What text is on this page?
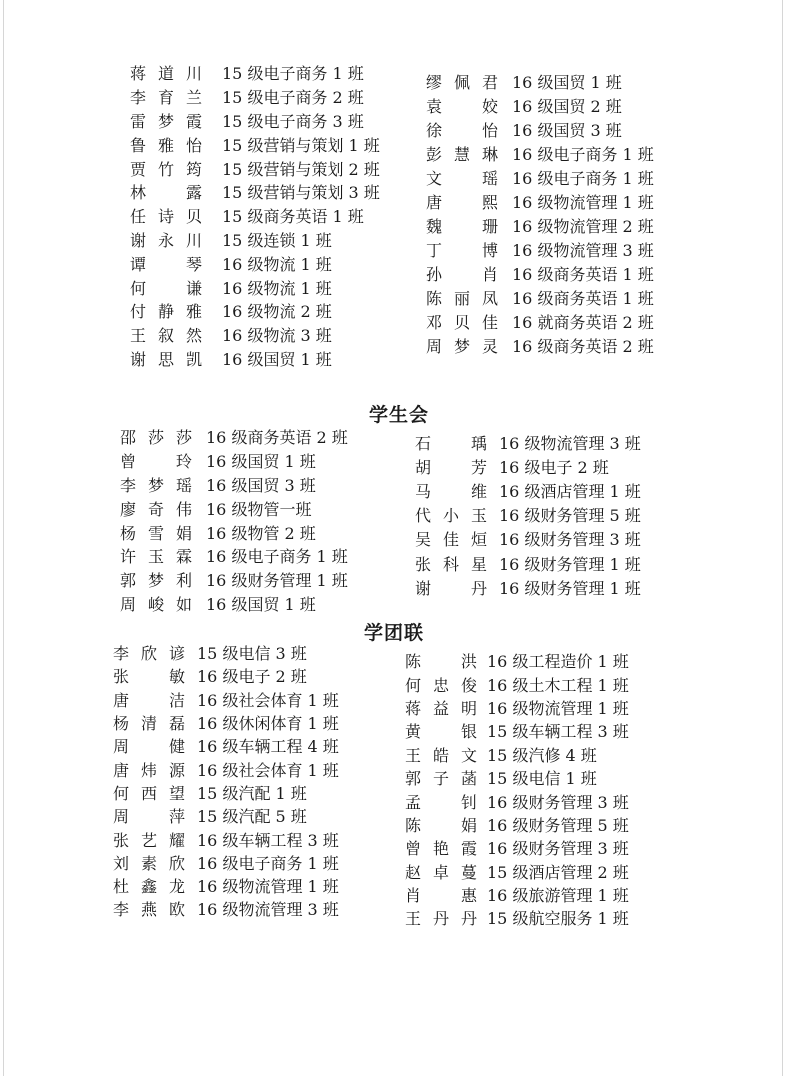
蒋道川 15 级电子商务 1 班
李育兰 15 级电子商务 2 班
雷梦霞 15 级电子商务 3 班
鲁雅怡 15 级营销与策划 1 班
贾竹筠 15 级营销与策划 2 班
林 露 15 级营销与策划 3 班
任诗贝 15 级商务英语 1 班
谢永川 15 级连锁 1 班
谭 琴 16 级物流 1 班
何 谦 16 级物流 1 班
付静雅 16 级物流 2 班
王叙然 16 级物流 3 班
谢思凯 16 级国贸 1 班
缪佩君 16 级国贸 1 班
袁 姣 16 级国贸 2 班
徐 怡 16 级国贸 3 班
彭慧琳 16 级电子商务 1 班
文 瑶 16 级电子商务 1 班
唐 熙 16 级物流管理 1 班
魏 珊 16 级物流管理 2 班
丁 博 16 级物流管理 3 班
孙 肖 16 级商务英语 1 班
陈丽凤 16 级商务英语 1 班
邓贝佳 16 就商务英语 2 班
周梦灵 16 级商务英语 2 班
学生会
邵莎莎 16 级商务英语 2 班
曾 玲 16 级国贸 1 班
李梦瑶 16 级国贸 3 班
廖奇伟 16 级物管一班
杨雪娟 16 级物管 2 班
许玉霖 16 级电子商务 1 班
郭梦利 16 级财务管理 1 班
周峻如 16 级国贸 1 班
石 瑀 16 级物流管理 3 班
胡 芳 16 级电子 2 班
马 维 16 级酒店管理 1 班
代小玉 16 级财务管理 5 班
吴佳烜 16 级财务管理 3 班
张科星 16 级财务管理 1 班
谢 丹 16 级财务管理 1 班
学团联
李欣谚 15 级电信 3 班
张 敏 16 级电子 2 班
唐 洁 16 级社会体育 1 班
杨清磊 16 级休闲体育 1 班
周 健 16 级车辆工程 4 班
唐炜源 16 级社会体育 1 班
何西望 15 级汽配 1 班
周 萍 15 级汽配 5 班
张艺耀 16 级车辆工程 3 班
刘素欣 16 级电子商务 1 班
杜鑫龙 16 级物流管理 1 班
李燕欧 16 级物流管理 3 班
陈 洪 16 级工程造价 1 班
何忠俊 16 级土木工程 1 班
蒋益明 16 级物流管理 1 班
黄 银 15 级车辆工程 3 班
王皓文 15 级汽修 4 班
郭子菡 15 级电信 1 班
孟 钊 16 级财务管理 3 班
陈 娟 16 级财务管理 5 班
曾艳霞 16 级财务管理 3 班
赵卓蔓 15 级酒店管理 2 班
肖 惠 16 级旅游管理 1 班
王丹丹 15 级航空服务 1 班
